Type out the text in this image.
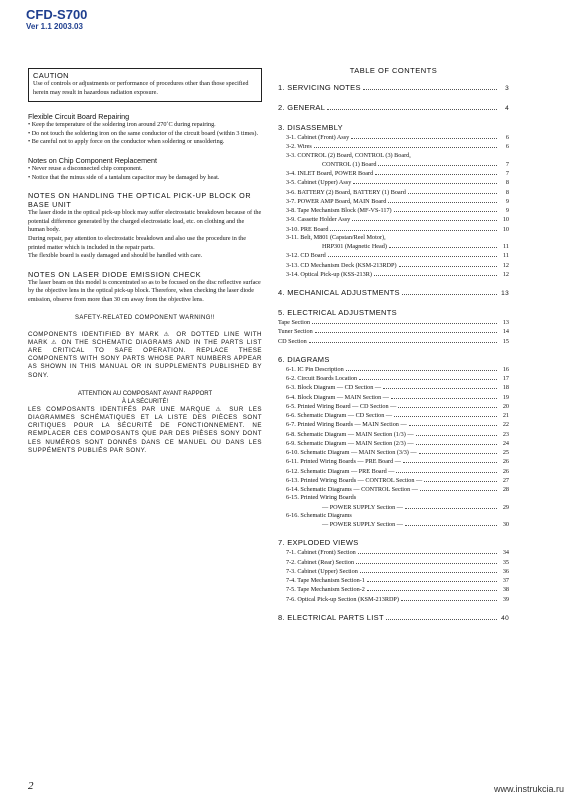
CFD-S700
Ver 1.1 2003.03
CAUTION
Use of controls or adjustments or performance of procedures other than those specified herein may result in hazardous radiation exposure.
Flexible Circuit Board Repairing
• Keep the temperature of the soldering iron around 270˚C during repairing.
• Do not touch the soldering iron on the same conductor of the circuit board (within 3 times).
• Be careful not to apply force on the conductor when soldering or unsoldering.
Notes on Chip Component Replacement
• Never reuse a disconnected chip component.
• Notice that the minus side of a tantalum capacitor may be damaged by heat.
NOTES ON HANDLING THE OPTICAL PICK-UP BLOCK OR BASE UNIT
The laser diode in the optical pick-up block may suffer electrostatic breakdown because of the potential difference generated by the charged electrostatic load, etc. on clothing and the human body.
During repair, pay attention to electrostatic breakdown and also use the procedure in the printed matter which is included in the repair parts.
The flexible board is easily damaged and should be handled with care.
NOTES ON LASER DIODE EMISSION CHECK
The laser beam on this model is concentrated so as to be focused on the disc reflective surface by the objective lens in the optical pick-up block. Therefore, when checking the laser diode emission, observe from more than 30 cm away from the objective lens.
SAFETY-RELATED COMPONENT WARNING!!
COMPONENTS IDENTIFIED BY MARK ⚠ OR DOTTED LINE WITH MARK ⚠ ON THE SCHEMATIC DIAGRAMS AND IN THE PARTS LIST ARE CRITICAL TO SAFE OPERATION. REPLACE THESE COMPONENTS WITH SONY PARTS WHOSE PART NUMBERS APPEAR AS SHOWN IN THIS MANUAL OR IN SUPPLEMENTS PUBLISHED BY SONY.
ATTENTION AU COMPOSANT AYANT RAPPORT
À LA SÉCURITÉ!
LES COMPOSANTS IDENTIFÉS PAR UNE MARQUE ⚠ SUR LES DIAGRAMMES SCHÉMATIQUES ET LA LISTE DES PIÈCES SONT CRITIQUES POUR LA SÉCURITÉ DE FONCTIONNEMENT. NE REMPLACER CES COMPOSANTS QUE PAR DES PIÈSES SONY DONT LES NUMÉROS SONT DONNÉS DANS CE MANUEL OU DANS LES SUPPÉMENTS PUBLIÉS PAR SONY.
TABLE OF CONTENTS
1. SERVICING NOTES	3
2. GENERAL	4
3. DISASSEMBLY
3-1. Cabinet (Front) Assy	6
3-2. Wires	6
3-3. CONTROL (2) Board, CONTROL (3) Board,
CONTROL (1) Board	7
3-4. INLET Board, POWER Board	7
3-5. Cabinet (Upper) Assy	8
3-6. BATTERY (2) Board, BATTERY (1) Board	8
3-7. POWER AMP Board, MAIN Board	9
3-8. Tape Mechanism Block (MF-VS-117)	9
3-9. Cassette Holder Assy	10
3-10. PRE Board	10
3-11. Belt, M801 (Capstan/Reel Motor),
HRP301 (Magnetic Head)	11
3-12. CD Board	11
3-13. CD Mechanism Deck (KSM-213RDP)	12
3-14. Optical Pick-up (KSS-213R)	12
4. MECHANICAL ADJUSTMENTS	13
5. ELECTRICAL ADJUSTMENTS
Tape Section	13
Tuner Section	14
CD Section	15
6. DIAGRAMS
6-1. IC Pin Description	16
6-2. Circuit Boards Location	17
6-3. Block Diagram — CD Section —	18
6-4. Block Diagram — MAIN Section —	19
6-5. Printed Wiring Board — CD Section —	20
6-6. Schematic Diagram — CD Section —	21
6-7. Printed Wiring Boards — MAIN Section —	22
6-8. Schematic Diagram — MAIN Section (1/3) —	23
6-9. Schematic Diagram — MAIN Section (2/3) —	24
6-10. Schematic Diagram — MAIN Section (3/3) —	25
6-11. Printed Wiring Boards — PRE Board —	26
6-12. Schematic Diagram — PRE Board —	26
6-13. Printed Wiring Boards — CONTROL Section —	27
6-14. Schematic Diagrams — CONTROL Section —	28
6-15. Printed Wiring Boards
— POWER SUPPLY Section —	29
6-16. Schematic Diagrams
— POWER SUPPLY Section —	30
7. EXPLODED VIEWS
7-1. Cabinet (Front) Section	34
7-2. Cabinet (Rear) Section	35
7-3. Cabinet (Upper) Section	36
7-4. Tape Mechanism Section-1	37
7-5. Tape Mechanism Section-2	38
7-6. Optical Pick-up Section (KSM-213RDP)	39
8. ELECTRICAL PARTS LIST	40
2	www.instrukcia.ru
